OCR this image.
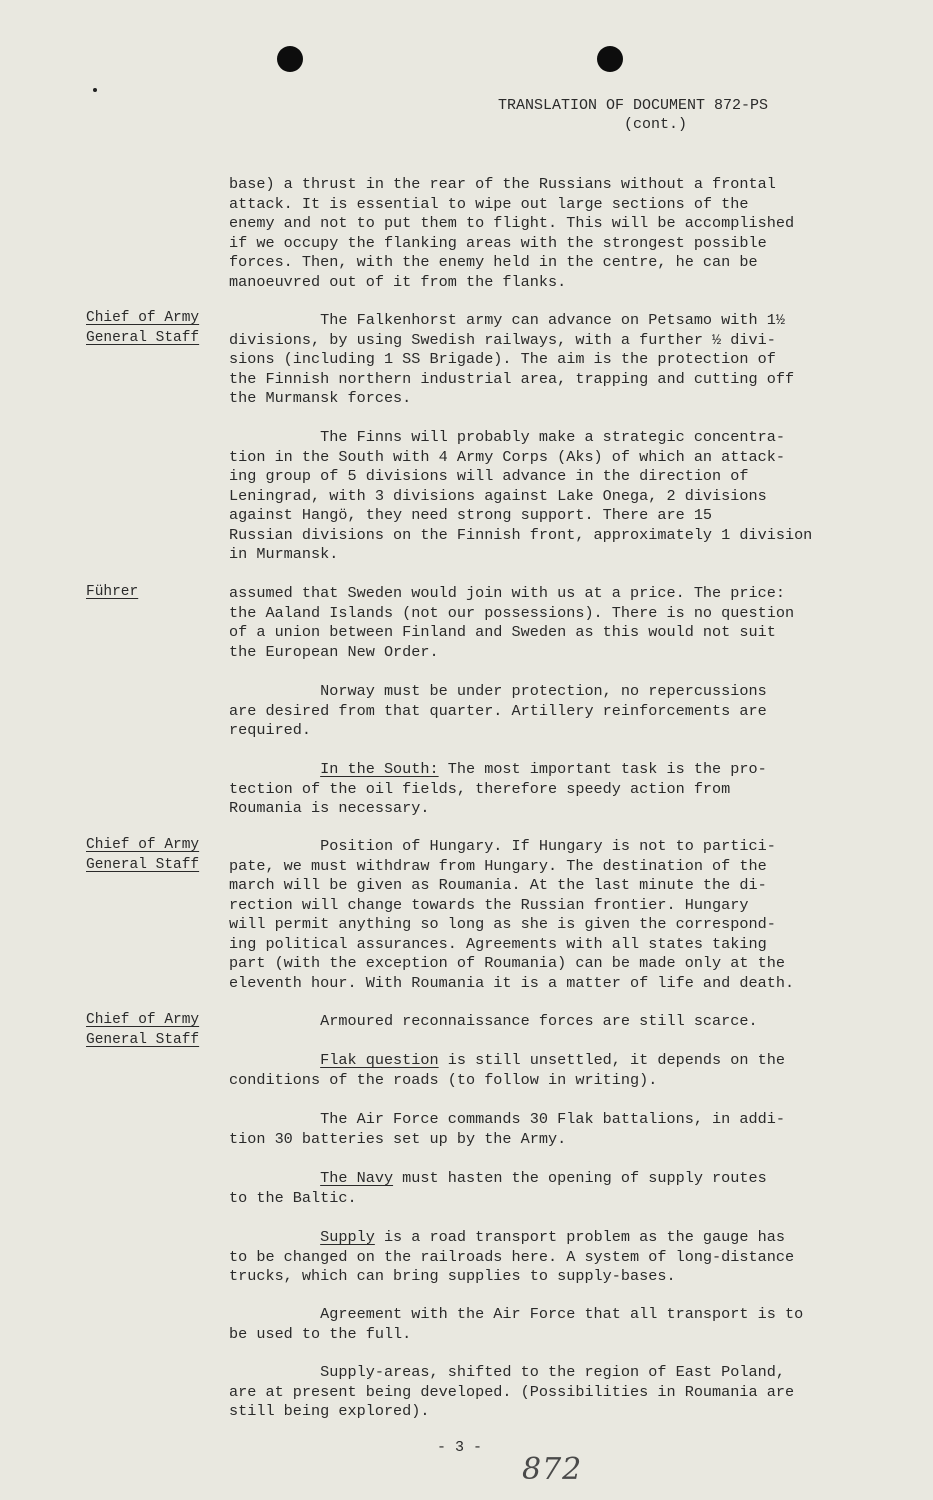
TRANSLATION OF DOCUMENT 872-PS
(cont.)
Chief of Army General Staff
Führer
Chief of Army General Staff
Chief of Army General Staff

base) a thrust in the rear of the Russians without a frontal
attack. It is essential to wipe out large sections of the
enemy and not to put them to flight. This will be accomplished
if we occupy the flanking areas with the strongest possible
forces. Then, with the enemy held in the centre, he can be
manoeuvred out of it from the flanks.

The Falkenhorst army can advance on Petsamo with 1½
divisions, by using Swedish railways, with a further ½ divi-
sions (including 1 SS Brigade). The aim is the protection of
the Finnish northern industrial area, trapping and cutting off
the Murmansk forces.

The Finns will probably make a strategic concentra-
tion in the South with 4 Army Corps (Aks) of which an attack-
ing group of 5 divisions will advance in the direction of
Leningrad, with 3 divisions against Lake Onega, 2 divisions
against Hangö, they need strong support. There are 15
Russian divisions on the Finnish front, approximately 1 division
in Murmansk.

assumed that Sweden would join with us at a price. The price:
the Aaland Islands (not our possessions). There is no question
of a union between Finland and Sweden as this would not suit
the European New Order.

Norway must be under protection, no repercussions
are desired from that quarter. Artillery reinforcements are
required.

In the South: The most important task is the pro-
tection of the oil fields, therefore speedy action from
Roumania is necessary.

Position of Hungary. If Hungary is not to partici-
pate, we must withdraw from Hungary. The destination of the
march will be given as Roumania. At the last minute the di-
rection will change towards the Russian frontier. Hungary
will permit anything so long as she is given the correspond-
ing political assurances. Agreements with all states taking
part (with the exception of Roumania) can be made only at the
eleventh hour. With Roumania it is a matter of life and death.

Armoured reconnaissance forces are still scarce.

Flak question is still unsettled, it depends on the
conditions of the roads (to follow in writing).

The Air Force commands 30 Flak battalions, in addi-
tion 30 batteries set up by the Army.

The Navy must hasten the opening of supply routes
to the Baltic.

Supply is a road transport problem as the gauge has
to be changed on the railroads here. A system of long-distance
trucks, which can bring supplies to supply-bases.

Agreement with the Air Force that all transport is to
be used to the full.

Supply-areas, shifted to the region of East Poland,
are at present being developed. (Possibilities in Roumania are
still being explored).

- 3 -
872
